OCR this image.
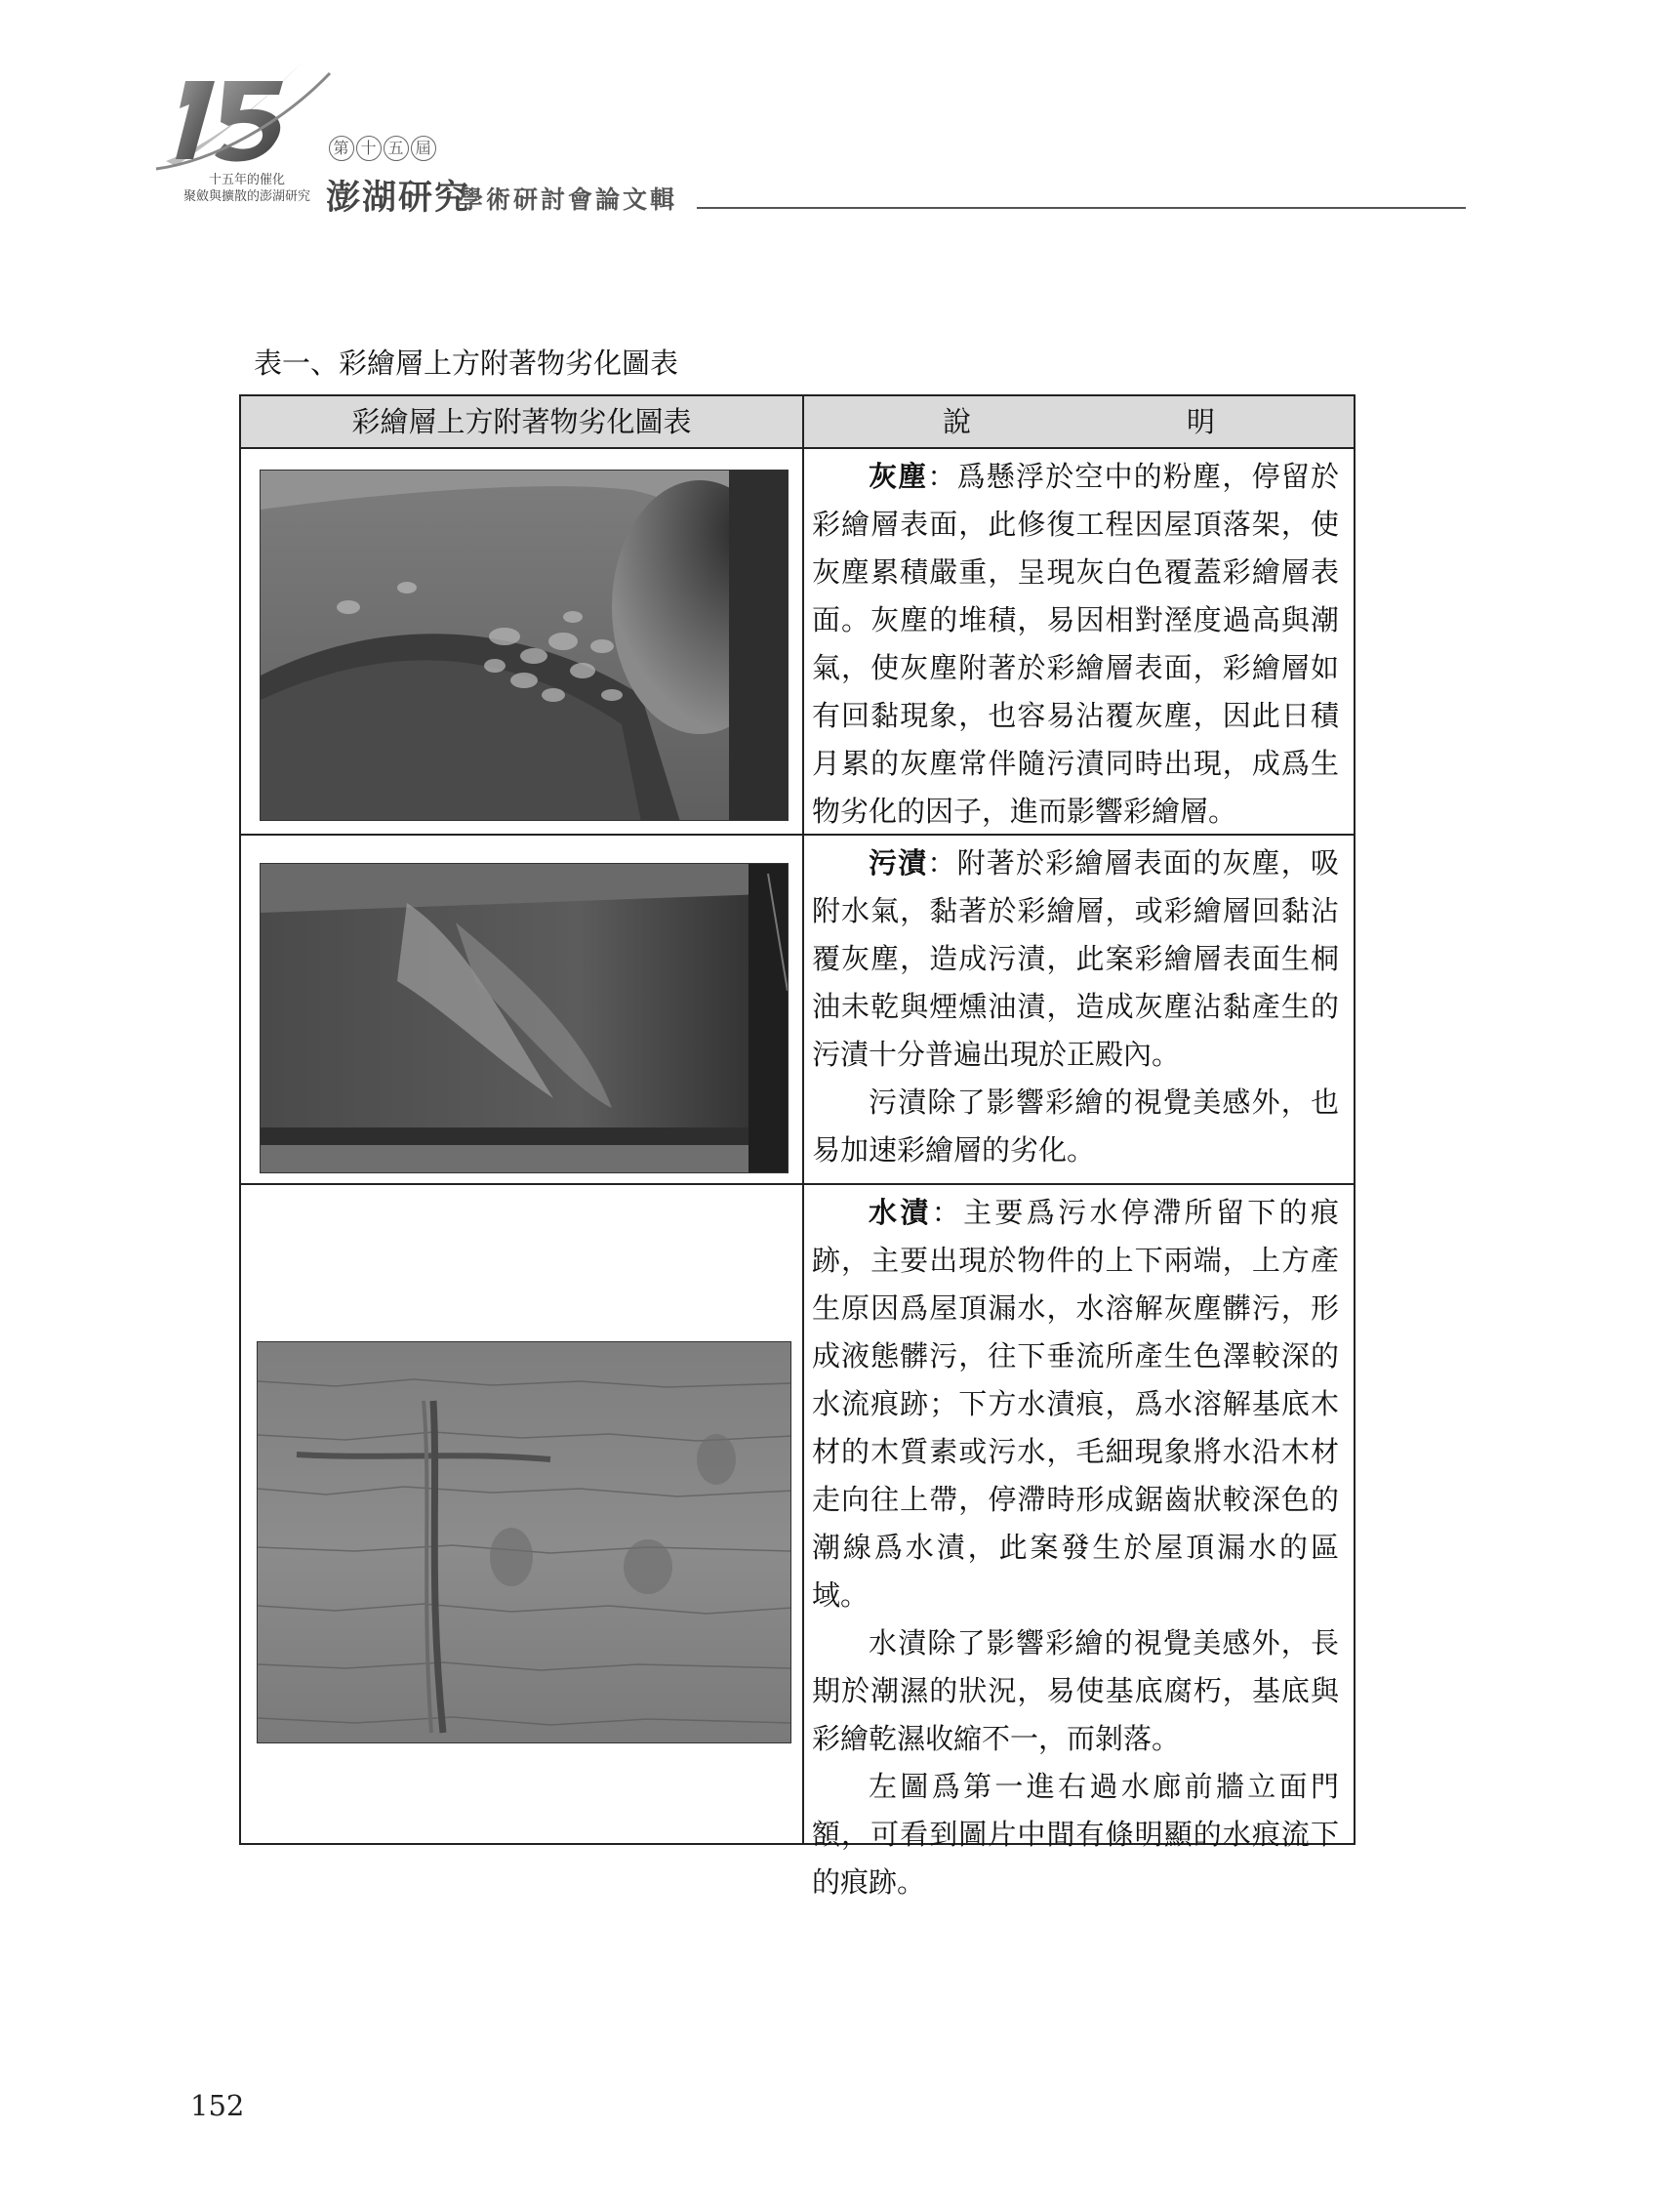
十五年的催化
聚斂與擴散的澎湖研究
第 十 五 屆
澎湖研究
學術研討會論文輯
表一、彩繪層上方附著物劣化圖表
彩繪層上方附著物劣化圖表	說	明

灰塵：爲懸浮於空中的粉塵，停留於彩繪層表面，此修復工程因屋頂落架，使灰塵累積嚴重，呈現灰白色覆蓋彩繪層表面。灰塵的堆積，易因相對溼度過高與潮氣，使灰塵附著於彩繪層表面，彩繪層如有回黏現象，也容易沾覆灰塵，因此日積月累的灰塵常伴隨污漬同時出現，成爲生物劣化的因子，進而影響彩繪層。

污漬：附著於彩繪層表面的灰塵，吸附水氣，黏著於彩繪層，或彩繪層回黏沾覆灰塵，造成污漬，此案彩繪層表面生桐油未乾與煙燻油漬，造成灰塵沾黏產生的污漬十分普遍出現於正殿內。

污漬除了影響彩繪的視覺美感外，也易加速彩繪層的劣化。

水漬：主要爲污水停滯所留下的痕跡，主要出現於物件的上下兩端，上方產生原因爲屋頂漏水，水溶解灰塵髒污，形成液態髒污，往下垂流所產生色澤較深的水流痕跡；下方水漬痕，爲水溶解基底木材的木質素或污水，毛細現象將水沿木材走向往上帶，停滯時形成鋸齒狀較深色的潮線爲水漬，此案發生於屋頂漏水的區域。

水漬除了影響彩繪的視覺美感外，長期於潮濕的狀況，易使基底腐朽，基底與彩繪乾濕收縮不一，而剝落。

左圖爲第一進右過水廊前牆立面門額，可看到圖片中間有條明顯的水痕流下的痕跡。

152
